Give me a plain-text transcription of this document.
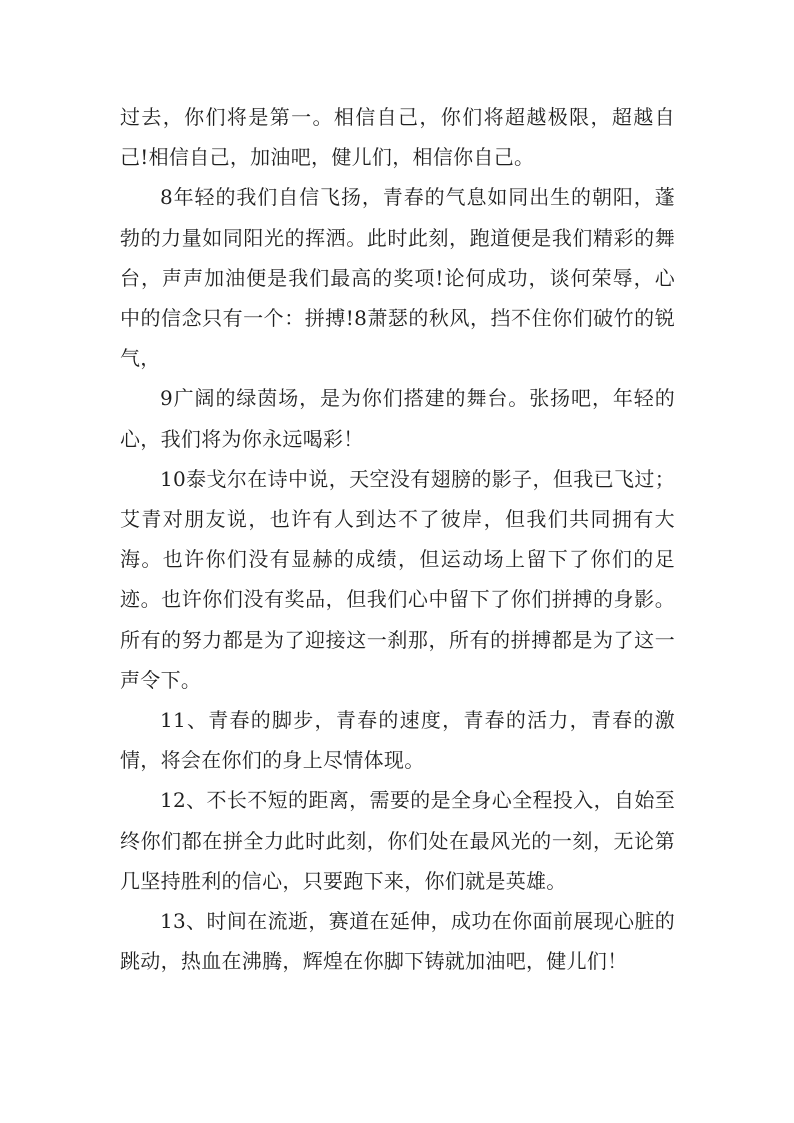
过去，你们将是第一。相信自己，你们将超越极限，超越自己!相信自己，加油吧，健儿们，相信你自己。

8年轻的我们自信飞扬，青春的气息如同出生的朝阳，蓬勃的力量如同阳光的挥洒。此时此刻，跑道便是我们精彩的舞台，声声加油便是我们最高的奖项!论何成功，谈何荣辱，心中的信念只有一个：拼搏!8萧瑟的秋风，挡不住你们破竹的锐气，

9广阔的绿茵场，是为你们搭建的舞台。张扬吧，年轻的心，我们将为你永远喝彩！

10泰戈尔在诗中说，天空没有翅膀的影子，但我已飞过；艾青对朋友说，也许有人到达不了彼岸，但我们共同拥有大海。也许你们没有显赫的成绩，但运动场上留下了你们的足迹。也许你们没有奖品，但我们心中留下了你们拼搏的身影。所有的努力都是为了迎接这一刹那，所有的拼搏都是为了这一声令下。

11、青春的脚步，青春的速度，青春的活力，青春的激情，将会在你们的身上尽情体现。

12、不长不短的距离，需要的是全身心全程投入，自始至终你们都在拼全力此时此刻，你们处在最风光的一刻，无论第几坚持胜利的信心，只要跑下来，你们就是英雄。

13、时间在流逝，赛道在延伸，成功在你面前展现心脏的跳动，热血在沸腾，辉煌在你脚下铸就加油吧，健儿们！
